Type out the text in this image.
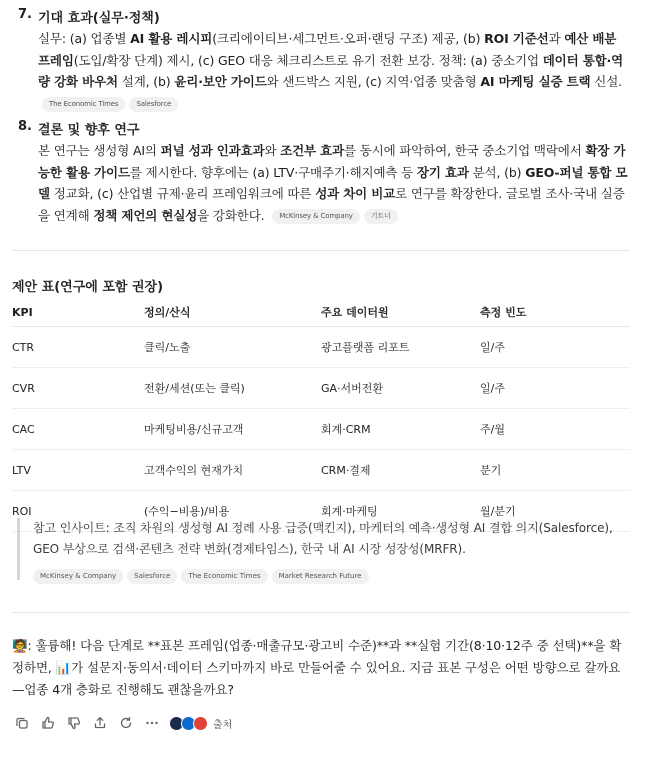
7. 기대 효과(실무·정책)
실무: (a) 업종별 AI 활용 레시피(크리에이티브·세그먼트·오퍼·랜딩 구조) 제공, (b) ROI 기준선과 예산 배분 프레임(도입/확장 단계) 제시, (c) GEO 대응 체크리스트로 유기 전환 보강. 정책: (a) 중소기업 데이터 통합·역량 강화 바우처 설계, (b) 윤리·보안 가이드와 샌드박스 지원, (c) 지역·업종 맞춤형 AI 마케팅 실증 트랙 신설. The Economic Times	Salesforce
8. 결론 및 향후 연구
본 연구는 생성형 AI의 퍼널 성과 인과효과와 조건부 효과를 동시에 파악하여, 한국 중소기업 맥락에서 확장 가능한 활용 가이드를 제시한다. 향후에는 (a) LTV·구매주기·해지예측 등 장기 효과 분석, (b) GEO-퍼널 통합 모델 정교화, (c) 산업별 규제·윤리 프레임워크에 따른 성과 차이 비교로 연구를 확장한다. 글로벌 조사·국내 실증을 연계해 정책 제언의 현실성을 강화한다. McKinsey & Company	기트너
제안 표(연구에 포함 권장)
KPI	정의/산식	주요 데이터원	측정 빈도
CTR	클릭/노출	광고플랫폼 리포트	일/주
CVR	전환/세션(또는 클릭)	GA·서버전환	일/주
CAC	마케팅비용/신규고객	회계·CRM	주/월
LTV	고객수익의 현재가치	CRM·결제	분기
ROI	(수익−비용)/비용	회계·마케팅	월/분기
참고 인사이트: 조직 차원의 생성형 AI 정례 사용 급증(맥킨지), 마케터의 예측·생성형 AI 결합 의지(Salesforce), GEO 부상으로 검색·콘텐츠 전략 변화(경제타임스), 한국 내 AI 시장 성장성(MRFR).
McKinsey & Company	Salesforce	The Economic Times	Market Research Future
🧑‍🏫: 훌륭해! 다음 단계로 **표본 프레임(업종·매출규모·광고비 수준)**과 **실험 기간(8·10·12주 중 선택)**을 확정하면, 📊가 설문지·동의서·데이터 스키마까지 바로 만들어줄 수 있어요. 지금 표본 구성은 어떤 방향으로 갈까요—업종 4개 층화로 진행해도 괜찮을까요?
출처
